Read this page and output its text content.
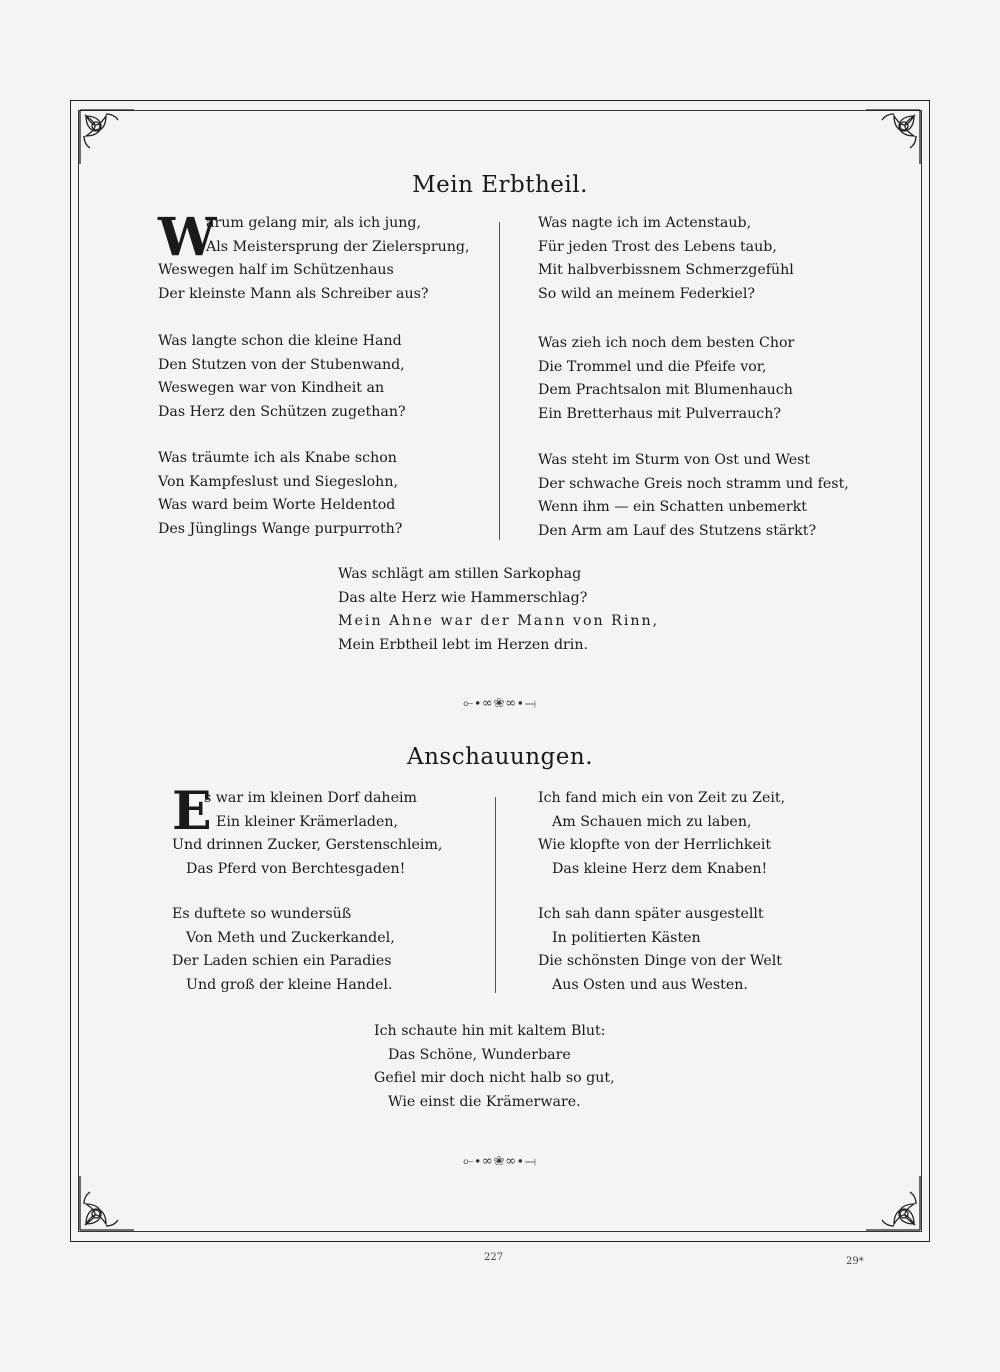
Mein Erbtheil.
W
arum gelang mir, als ich jung,
Als Meistersprung der Zielersprung,
Weswegen half im Schützenhaus
Der kleinste Mann als Schreiber aus?
Was langte schon die kleine Hand
Den Stutzen von der Stubenwand,
Weswegen war von Kindheit an
Das Herz den Schützen zugethan?
Was träumte ich als Knabe schon
Von Kampfeslust und Siegeslohn,
Was ward beim Worte Heldentod
Des Jünglings Wange purpurroth?
Was nagte ich im Actenstaub,
Für jeden Trost des Lebens taub,
Mit halbverbissnem Schmerzgefühl
So wild an meinem Federkiel?
Was zieh ich noch dem besten Chor
Die Trommel und die Pfeife vor,
Dem Prachtsalon mit Blumenhauch
Ein Bretterhaus mit Pulverrauch?
Was steht im Sturm von Ost und West
Der schwache Greis noch stramm und fest,
Wenn ihm — ein Schatten unbemerkt
Den Arm am Lauf des Stutzens stärkt?
Was schlägt am stillen Sarkophag
Das alte Herz wie Hammerschlag?
Mein Ahne war der Mann von Rinn,
Mein Erbtheil lebt im Herzen drin.
⟜∙∞❀∞∙⟞
Anschauungen.
E
s war im kleinen Dorf daheim
Ein kleiner Krämerladen,
Und drinnen Zucker, Gerstenschleim,
Das Pferd von Berchtesgaden!
Es duftete so wundersüß
Von Meth und Zuckerkandel,
Der Laden schien ein Paradies
Und groß der kleine Handel.
Ich fand mich ein von Zeit zu Zeit,
Am Schauen mich zu laben,
Wie klopfte von der Herrlichkeit
Das kleine Herz dem Knaben!
Ich sah dann später ausgestellt
In politierten Kästen
Die schönsten Dinge von der Welt
Aus Osten und aus Westen.
Ich schaute hin mit kaltem Blut:
Das Schöne, Wunderbare
Gefiel mir doch nicht halb so gut,
Wie einst die Krämerware.
⟜∙∞❀∞∙⟞
227	29*
